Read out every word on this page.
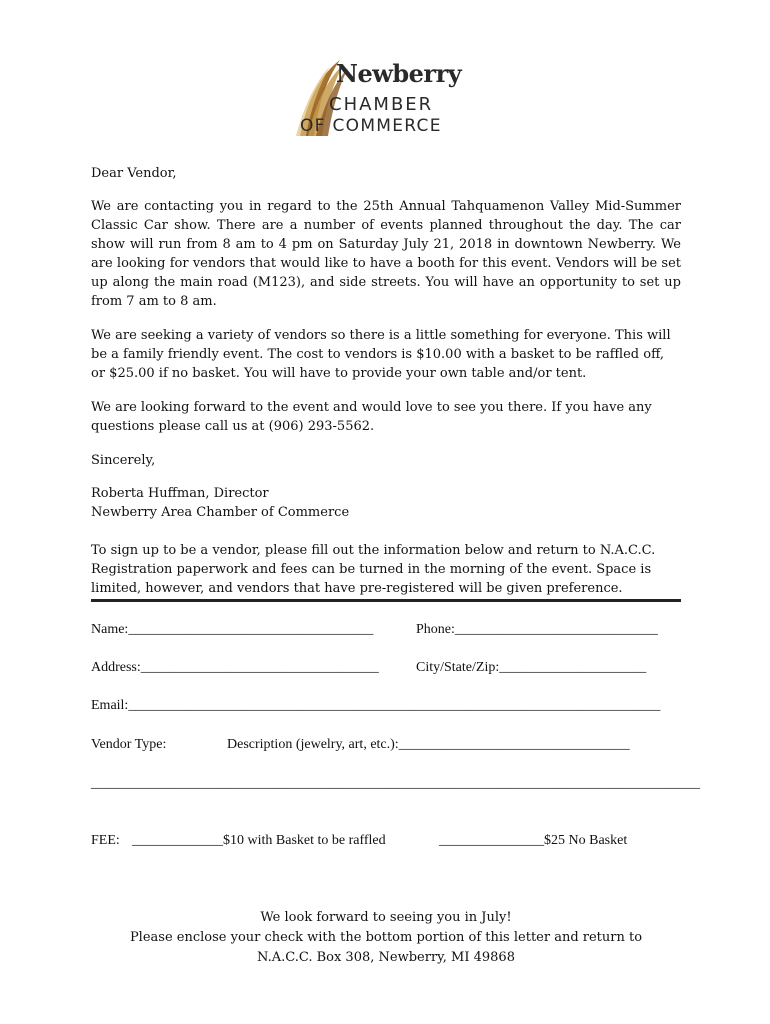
Newberry
CHAMBER
OF COMMERCE

Dear Vendor,

We are contacting you in regard to the 25th Annual Tahquamenon Valley Mid-Summer Classic Car show. There are a number of events planned throughout the day. The car show will run from 8 am to 4 pm on Saturday July 21, 2018 in downtown Newberry. We are looking for vendors that would like to have a booth for this event. Vendors will be set up along the main road (M123), and side streets. You will have an opportunity to set up from 7 am to 8 am.

We are seeking a variety of vendors so there is a little something for everyone. This will be a family friendly event. The cost to vendors is $10.00 with a basket to be raffled off, or $25.00 if no basket. You will have to provide your own table and/or tent.

We are looking forward to the event and would love to see you there. If you have any questions please call us at (906) 293-5562.

Sincerely,

Roberta Huffman, Director

Newberry Area Chamber of Commerce

To sign up to be a vendor, please fill out the information below and return to N.A.C.C. Registration paperwork and fees can be turned in the morning of the event. Space is limited, however, and vendors that have pre-registered will be given preference.

Name:___________________________________	Phone:_____________________________
Address:__________________________________	City/State/Zip:_____________________
Email:____________________________________________________________________________
Vendor Type:	Description (jewelry, art, etc.):_________________________________
_______________________________________________________________________________________
FEE: _____________$10 with Basket to be raffled	_______________$25 No Basket
We look forward to seeing you in July!
Please enclose your check with the bottom portion of this letter and return to
N.A.C.C. Box 308, Newberry, MI 49868
